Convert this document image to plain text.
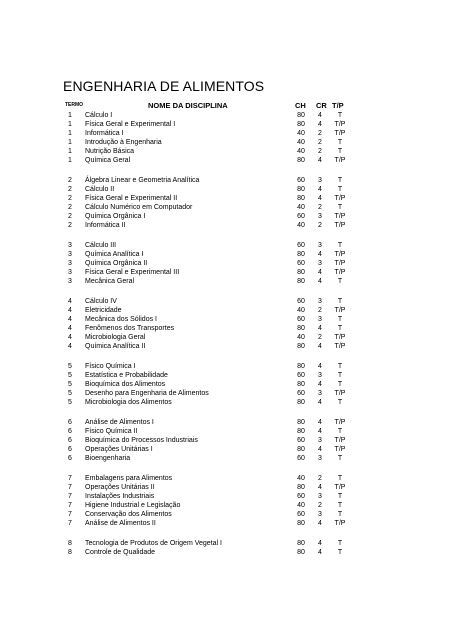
ENGENHARIA DE ALIMENTOS
TERMO	NOME DA DISCIPLINA	CH CR T/P
1	Cálculo I	80	4	T
1	Física Geral e Experimental I	80	4	T/P
1	Informática I	40	2	T/P
1	Introdução à Engenharia	40	2	T
1	Nutrição Básica	40	2	T
1	Química Geral	80	4	T/P
2	Álgebra Linear e Geometria Analítica	60	3	T
2	Cálculo II	80	4	T
2	Física Geral e Experimental II	80	4	T/P
2	Cálculo Numérico em Computador	40	2	T
2	Química Orgânica I	60	3	T/P
2	Informática II	40	2	T/P
3	Cálculo III	60	3	T
3	Química Analítica I	80	4	T/P
3	Química Orgânica II	60	3	T/P
3	Física Geral e Experimental III	80	4	T/P
3	Mecânica Geral	80	4	T
4	Cálculo IV	60	3	T
4	Eletricidade	40	2	T/P
4	Mecânica dos Sólidos I	60	3	T
4	Fenômenos dos Transportes	80	4	T
4	Microbiologia Geral	40	2	T/P
4	Química Analítica II	80	4	T/P
5	Físico Química I	80	4	T
5	Estatística e Probabilidade	60	3	T
5	Bioquímica dos Alimentos	80	4	T
5	Desenho para Engenharia de Alimentos	60	3	T/P
5	Microbiologia dos Alimentos	80	4	T
6	Análise de Alimentos I	80	4	T/P
6	Físico Química II	80	4	T
6	Bioquímica do Processos Industriais	60	3	T/P
6	Operações Unitárias I	80	4	T/P
6	Bioengenharia	60	3	T
7	Embalagens para Alimentos	40	2	T
7	Operações Unitárias II	80	4	T/P
7	Instalações Industriais	60	3	T
7	Higiene Industrial e Legislação	40	2	T
7	Conservação dos Alimentos	60	3	T
7	Análise de Alimentos II	80	4	T/P
8	Tecnologia de Produtos de Origem Vegetal I	80	4	T
8	Controle de Qualidade	80	4	T
